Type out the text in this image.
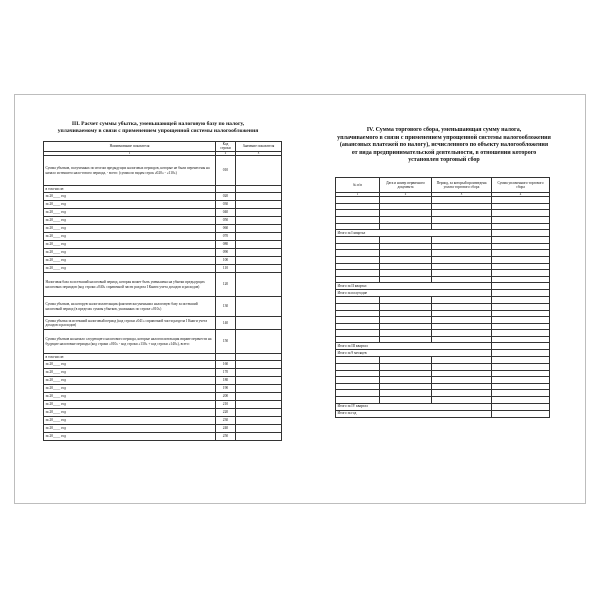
III. Расчет суммы убытка, уменьшающей налоговую базу по налогу,
уплачиваемому в связи с применением упрощенной системы налогообложения
Наименование показателя	Код строки	Значение показателя
1	2	3
Сумма убытков, полученных по итогам предыдущих налоговых периодов, которые не были перенесены на начало истекшего нало-гового периода, - всего: (сумма по видам строк «020» - «110»)	010	
в том числе:		
за 20____ год	020	
за 20____ год	030	
за 20____ год	040	
за 20____ год	050	
за 20____ год	060	
за 20____ год	070	
за 20____ год	080	
за 20____ год	090	
за 20____ год	100	
за 20____ год	110	
Налоговая база за истекший налоговый период, которая может быть уменьшена на убытки предыдущих налоговых периодов (код строки «040» справочной части раздела I Книги учета доходов и расходов)	120	
Сумма убытков, на которую налогоплательщик фактически уменьшил налоговую базу за истекший налоговый период (в пределах суммы убытков, указанных по строке «010»)	130	
Сумма убытка за истекший налоговый период (код строки «041» справочной части раздела I Книги учета доходов и расходов)	140	
Сумма убытков на начало следующего налогового периода, которые налогоплательщик вправе перенести на будущие налоговые периоды (код строки «010» - код строки «130» + код строки «140»), всего:	150	
в том числе:		
за 20____ год	160	
за 20____ год	170	
за 20____ год	180	
за 20____ год	190	
за 20____ год	200	
за 20____ год	210	
за 20____ год	220	
за 20____ год	230	
за 20____ год	240	
за 20____ год	250	
IV. Сумма торгового сбора, уменьшающая сумму налога,
уплачиваемого в связи с применением упрощенной системы налогообложения
(авансовых платежей по налогу), исчисленного по объекту налогообложения
от вида предпринимательской деятельности, в отношении которого
установлен торговый сбор
№ п/п	Дата и номер первичного документа	Период, за который произведена уплата торгового сбора	Сумма уплаченного торгового сбора
1	2	3	4

Итого за I квартал			

Итого за II квартал			
Итого за полугодие			

Итого за III квартал			
Итого за 9 месяцев			

Итого за IV квартал			
Итого за год			
